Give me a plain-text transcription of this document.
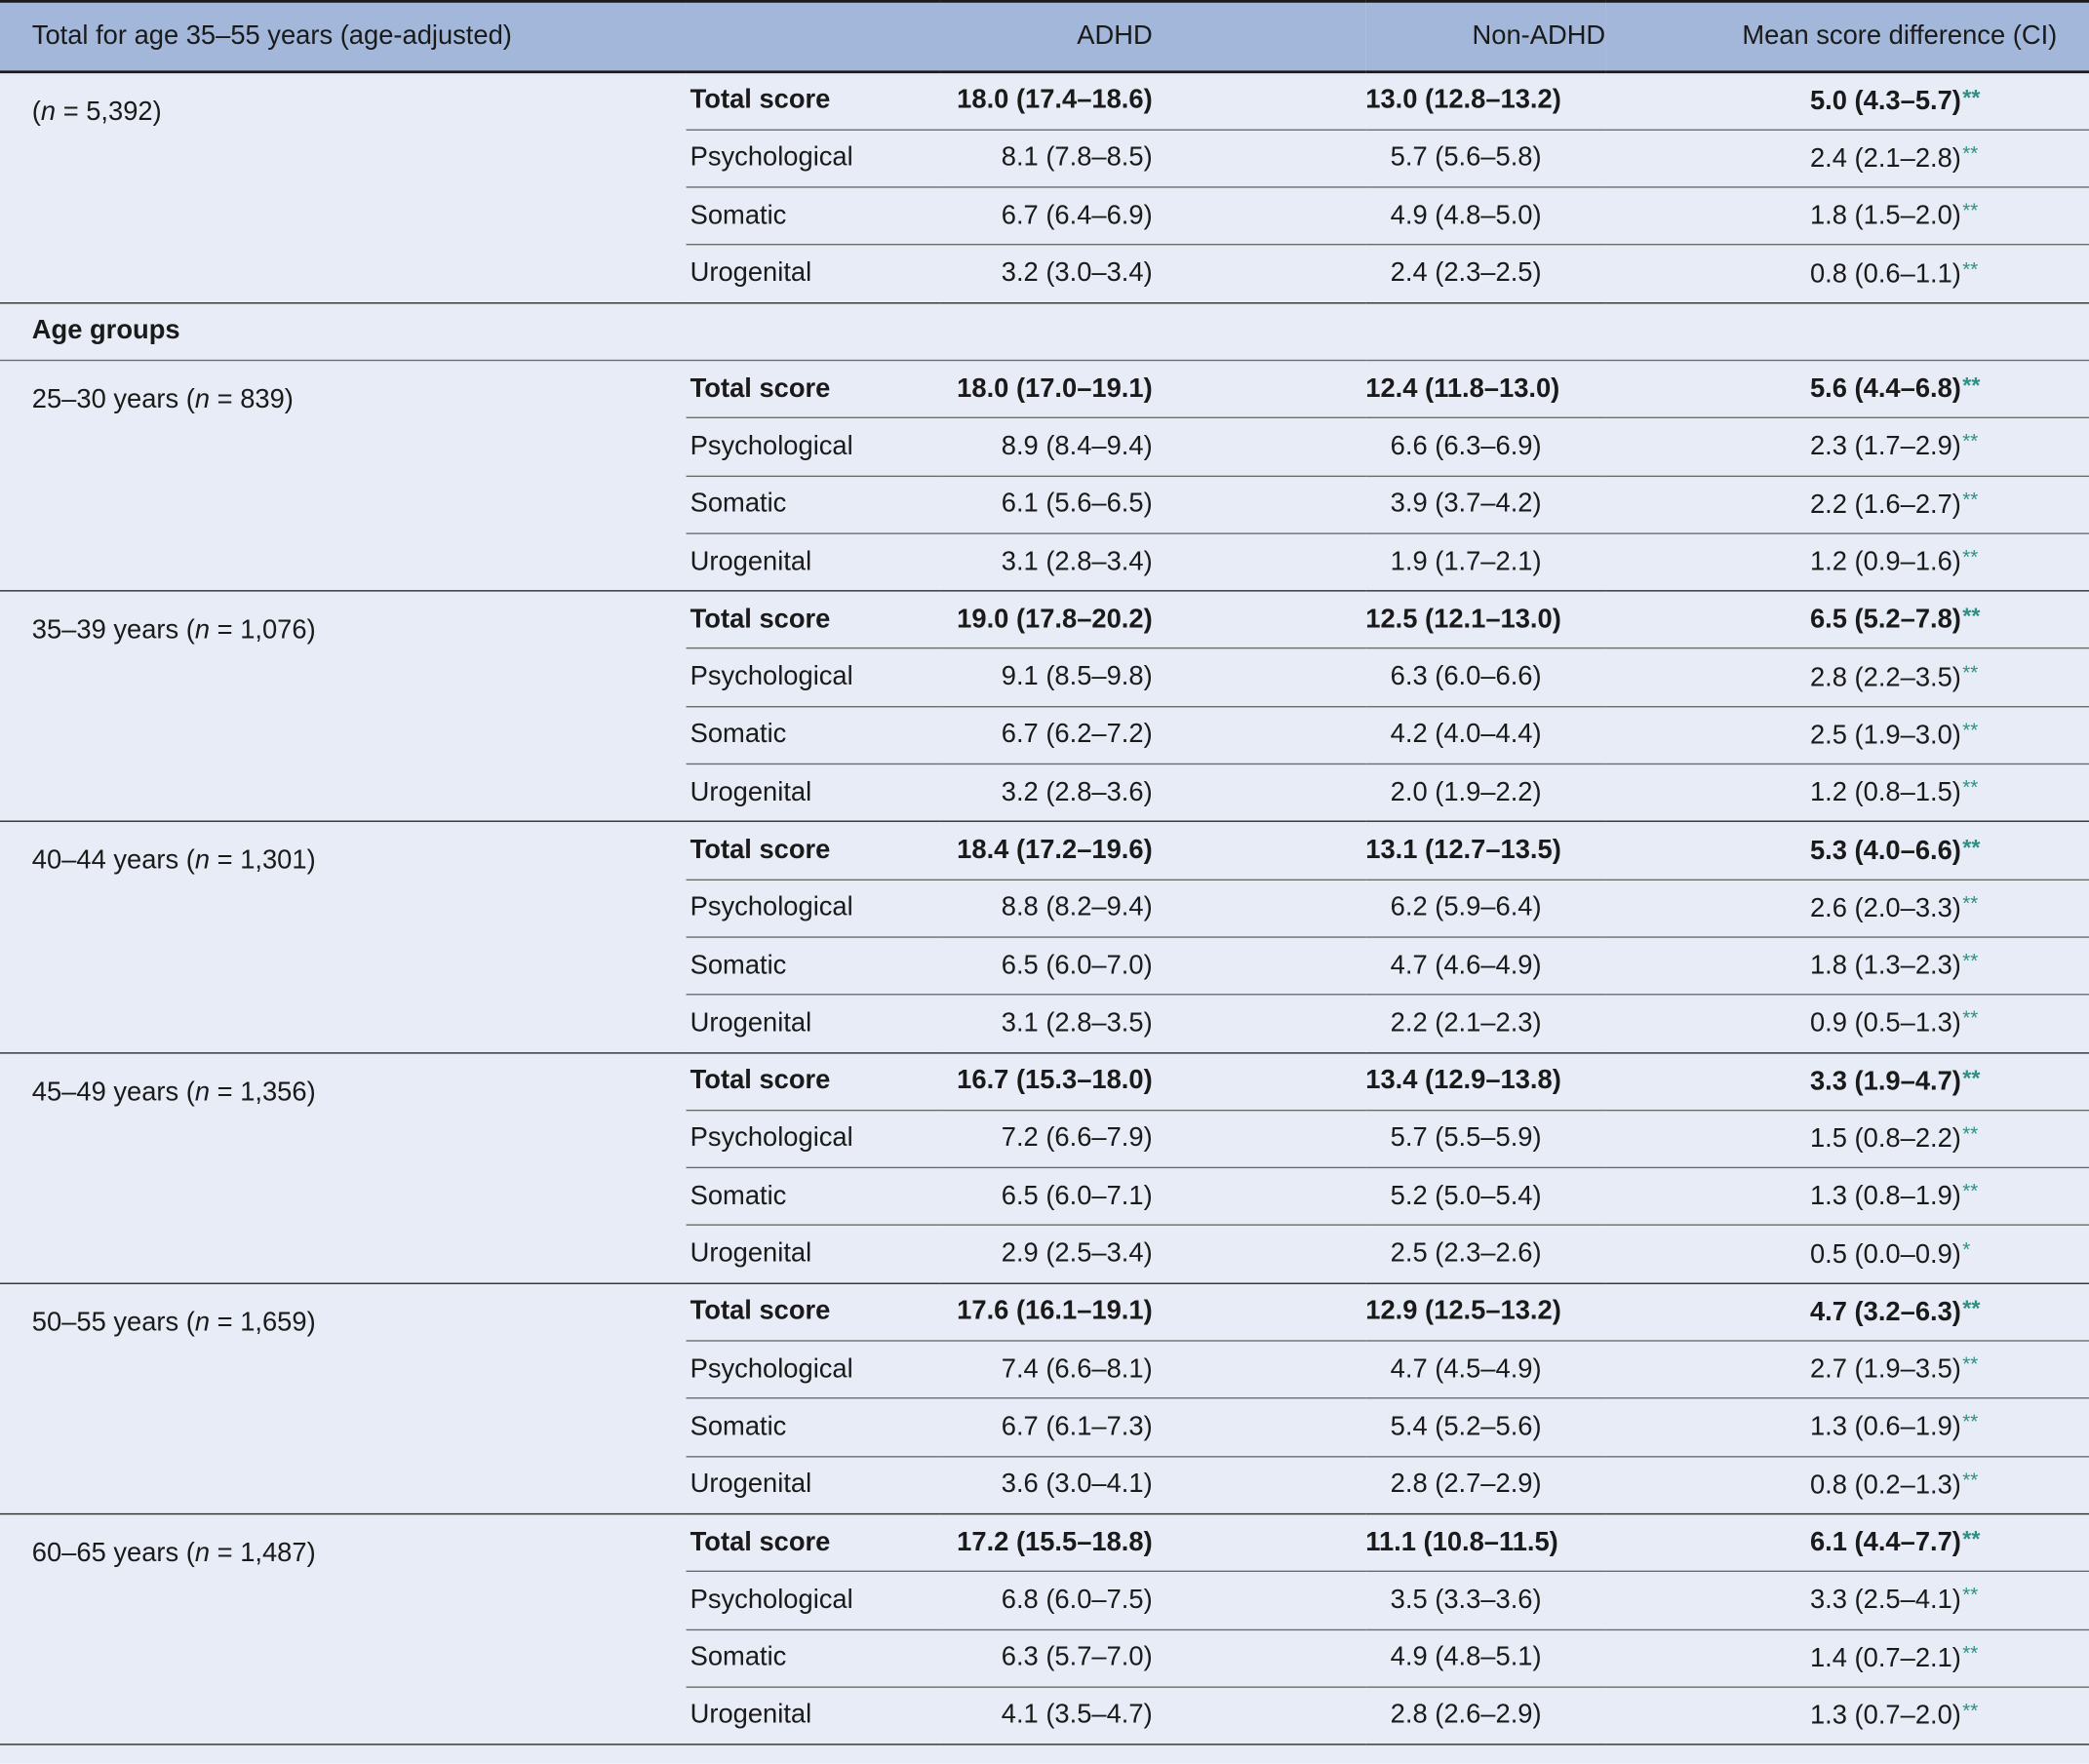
Total for age 35–55 years (age-adjusted)	ADHD		Non-ADHD	Mean score difference (CI)
(n = 5,392)	Total score	18.0 (17.4–18.6)	13.0 (12.8–13.2)	5.0 (4.3–5.7)**
	Psychological	8.1 (7.8–8.5)	5.7 (5.6–5.8)	2.4 (2.1–2.8)**
	Somatic	6.7 (6.4–6.9)	4.9 (4.8–5.0)	1.8 (1.5–2.0)**
	Urogenital	3.2 (3.0–3.4)	2.4 (2.3–2.5)	0.8 (0.6–1.1)**
Age groups				
25–30 years (n = 839)	Total score	18.0 (17.0–19.1)	12.4 (11.8–13.0)	5.6 (4.4–6.8)**
	Psychological	8.9 (8.4–9.4)	6.6 (6.3–6.9)	2.3 (1.7–2.9)**
	Somatic	6.1 (5.6–6.5)	3.9 (3.7–4.2)	2.2 (1.6–2.7)**
	Urogenital	3.1 (2.8–3.4)	1.9 (1.7–2.1)	1.2 (0.9–1.6)**
35–39 years (n = 1,076)	Total score	19.0 (17.8–20.2)	12.5 (12.1–13.0)	6.5 (5.2–7.8)**
	Psychological	9.1 (8.5–9.8)	6.3 (6.0–6.6)	2.8 (2.2–3.5)**
	Somatic	6.7 (6.2–7.2)	4.2 (4.0–4.4)	2.5 (1.9–3.0)**
	Urogenital	3.2 (2.8–3.6)	2.0 (1.9–2.2)	1.2 (0.8–1.5)**
40–44 years (n = 1,301)	Total score	18.4 (17.2–19.6)	13.1 (12.7–13.5)	5.3 (4.0–6.6)**
	Psychological	8.8 (8.2–9.4)	6.2 (5.9–6.4)	2.6 (2.0–3.3)**
	Somatic	6.5 (6.0–7.0)	4.7 (4.6–4.9)	1.8 (1.3–2.3)**
	Urogenital	3.1 (2.8–3.5)	2.2 (2.1–2.3)	0.9 (0.5–1.3)**
45–49 years (n = 1,356)	Total score	16.7 (15.3–18.0)	13.4 (12.9–13.8)	3.3 (1.9–4.7)**
	Psychological	7.2 (6.6–7.9)	5.7 (5.5–5.9)	1.5 (0.8–2.2)**
	Somatic	6.5 (6.0–7.1)	5.2 (5.0–5.4)	1.3 (0.8–1.9)**
	Urogenital	2.9 (2.5–3.4)	2.5 (2.3–2.6)	0.5 (0.0–0.9)*
50–55 years (n = 1,659)	Total score	17.6 (16.1–19.1)	12.9 (12.5–13.2)	4.7 (3.2–6.3)**
	Psychological	7.4 (6.6–8.1)	4.7 (4.5–4.9)	2.7 (1.9–3.5)**
	Somatic	6.7 (6.1–7.3)	5.4 (5.2–5.6)	1.3 (0.6–1.9)**
	Urogenital	3.6 (3.0–4.1)	2.8 (2.7–2.9)	0.8 (0.2–1.3)**
60–65 years (n = 1,487)	Total score	17.2 (15.5–18.8)	11.1 (10.8–11.5)	6.1 (4.4–7.7)**
	Psychological	6.8 (6.0–7.5)	3.5 (3.3–3.6)	3.3 (2.5–4.1)**
	Somatic	6.3 (5.7–7.0)	4.9 (4.8–5.1)	1.4 (0.7–2.1)**
	Urogenital	4.1 (3.5–4.7)	2.8 (2.6–2.9)	1.3 (0.7–2.0)**
